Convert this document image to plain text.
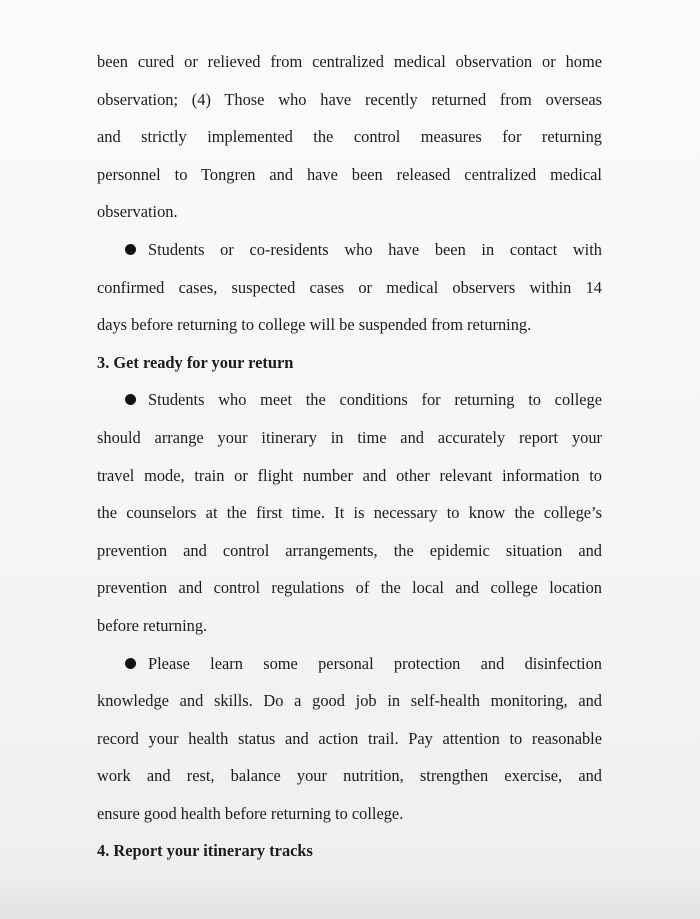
been cured or relieved from centralized medical observation or home
observation; (4) Those who have recently returned from overseas
and strictly implemented the control measures for returning
personnel to Tongren and have been released centralized medical
observation.
Students or co-residents who have been in contact with
confirmed cases, suspected cases or medical observers within 14
days before returning to college will be suspended from returning.
3. Get ready for your return
Students who meet the conditions for returning to college
should arrange your itinerary in time and accurately report your
travel mode, train or flight number and other relevant information to
the counselors at the first time. It is necessary to know the college’s
prevention and control arrangements, the epidemic situation and
prevention and control regulations of the local and college location
before returning.
Please learn some personal protection and disinfection
knowledge and skills. Do a good job in self-health monitoring, and
record your health status and action trail. Pay attention to reasonable
work and rest, balance your nutrition, strengthen exercise, and
ensure good health before returning to college.
4. Report your itinerary tracks
